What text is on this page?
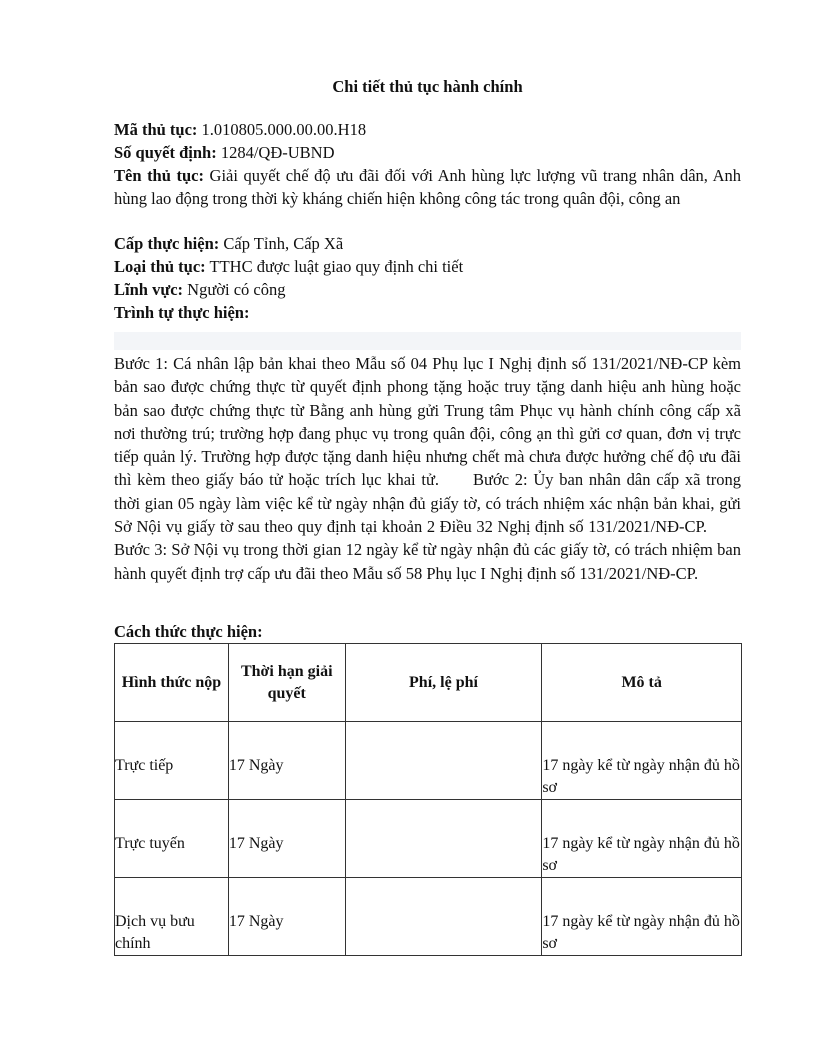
Chi tiết thủ tục hành chính
Mã thủ tục: 1.010805.000.00.00.H18
Số quyết định: 1284/QĐ-UBND
Tên thủ tục: Giải quyết chế độ ưu đãi đối với Anh hùng lực lượng vũ trang nhân dân, Anh hùng lao động trong thời kỳ kháng chiến hiện không công tác trong quân đội, công an
Cấp thực hiện: Cấp Tỉnh, Cấp Xã
Loại thủ tục: TTHC được luật giao quy định chi tiết
Lĩnh vực: Người có công
Trình tự thực hiện:
Bước 1: Cá nhân lập bản khai theo Mẫu số 04 Phụ lục I Nghị định số 131/2021/NĐ-CP kèm bản sao được chứng thực từ quyết định phong tặng hoặc truy tặng danh hiệu anh hùng hoặc bản sao được chứng thực từ Bằng anh hùng gửi Trung tâm Phục vụ hành chính công cấp xã nơi thường trú; trường hợp đang phục vụ trong quân đội, công ạn thì gửi cơ quan, đơn vị trực tiếp quản lý. Trường hợp được tặng danh hiệu nhưng chết mà chưa được hưởng chế độ ưu đãi thì kèm theo giấy báo tử hoặc trích lục khai tử. Bước 2: Ủy ban nhân dân cấp xã trong thời gian 05 ngày làm việc kể từ ngày nhận đủ giấy tờ, có trách nhiệm xác nhận bản khai, gửi Sở Nội vụ giấy tờ sau theo quy định tại khoản 2 Điều 32 Nghị định số 131/2021/NĐ-CP.Bước 3: Sở Nội vụ trong thời gian 12 ngày kể từ ngày nhận đủ các giấy tờ, có trách nhiệm ban hành quyết định trợ cấp ưu đãi theo Mẫu số 58 Phụ lục I Nghị định số 131/2021/NĐ-CP.
Cách thức thực hiện:
Hình thức nộp	Thời hạn giải quyết	Phí, lệ phí	Mô tả

Trực tiếp	17 Ngày		17 ngày kể từ ngày nhận đủ hồ sơ

Trực tuyến	17 Ngày		17 ngày kể từ ngày nhận đủ hồ sơ

Dịch vụ bưu chính	17 Ngày		17 ngày kể từ ngày nhận đủ hồ sơ
